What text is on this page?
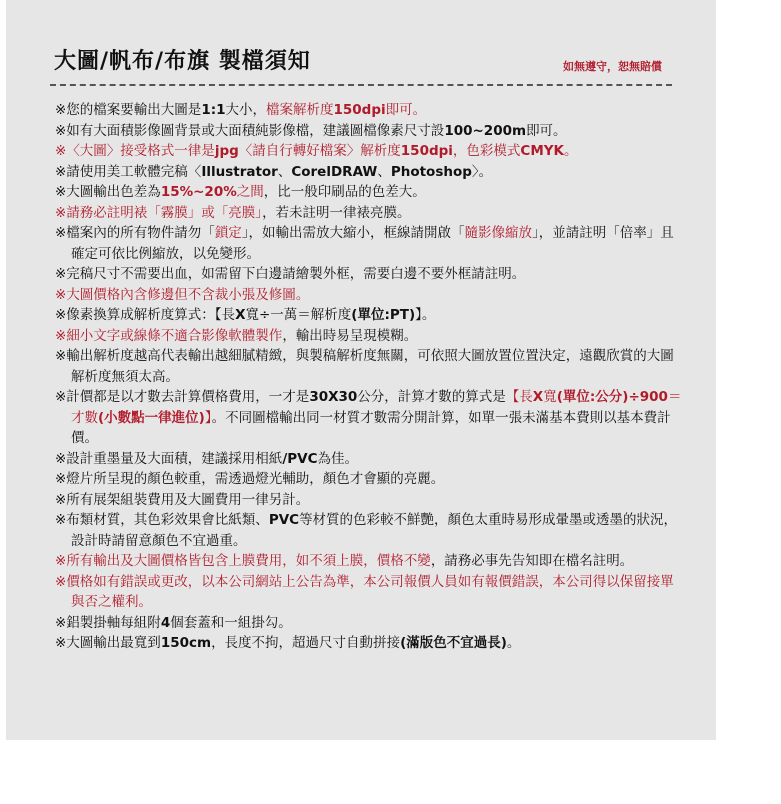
大圖/帆布/布旗 製檔須知	如無遵守，恕無賠償
※您的檔案要輸出大圖是1:1大小，檔案解析度150dpi即可。
※如有大面積影像圖背景或大面積純影像檔，建議圖檔像素尺寸設100~200m即可。
※〈大圖〉接受格式一律是jpg〈請自行轉好檔案〉解析度150dpi，色彩模式CMYK。
※請使用美工軟體完稿〈Illustrator、CorelDRAW、Photoshop〉。
※大圖輸出色差為15%~20%之間，比一般印刷品的色差大。
※請務必註明裱「霧膜」或「亮膜」，若未註明一律裱亮膜。
※檔案內的所有物件請勿「鎖定」，如輸出需放大縮小，框線請開啟「隨影像縮放」，並請註明「倍率」且確定可依比例縮放，以免變形。
※完稿尺寸不需要出血，如需留下白邊請繪製外框，需要白邊不要外框請註明。
※大圖價格內含修邊但不含裁小張及修圖。
※像素換算成解析度算式：【長X寬÷一萬＝解析度(單位:PT)】。
※細小文字或線條不適合影像軟體製作，輸出時易呈現模糊。
※輸出解析度越高代表輸出越細膩精緻，與製稿解析度無關，可依照大圖放置位置決定，遠觀欣賞的大圖解析度無須太高。
※計價都是以才數去計算價格費用，一才是30X30公分，計算才數的算式是【長X寬(單位:公分)÷900＝才數(小數點一律進位)】。不同圖檔輸出同一材質才數需分開計算，如單一張未滿基本費則以基本費計價。
※設計重墨量及大面積，建議採用相紙/PVC為佳。
※燈片所呈現的顏色較重，需透過燈光輔助，顏色才會顯的亮麗。
※所有展架組裝費用及大圖費用一律另計。
※布類材質，其色彩效果會比紙類、PVC等材質的色彩較不鮮艷，顏色太重時易形成暈墨或透墨的狀況，設計時請留意顏色不宜過重。
※所有輸出及大圖價格皆包含上膜費用，如不須上膜，價格不變，請務必事先告知即在檔名註明。
※價格如有錯誤或更改，以本公司網站上公告為準，本公司報價人員如有報價錯誤，本公司得以保留接單與否之權利。
※鋁製掛軸每組附4個套蓋和一組掛勾。
※大圖輸出最寬到150cm，長度不拘，超過尺寸自動拼接(滿版色不宜過長)。
